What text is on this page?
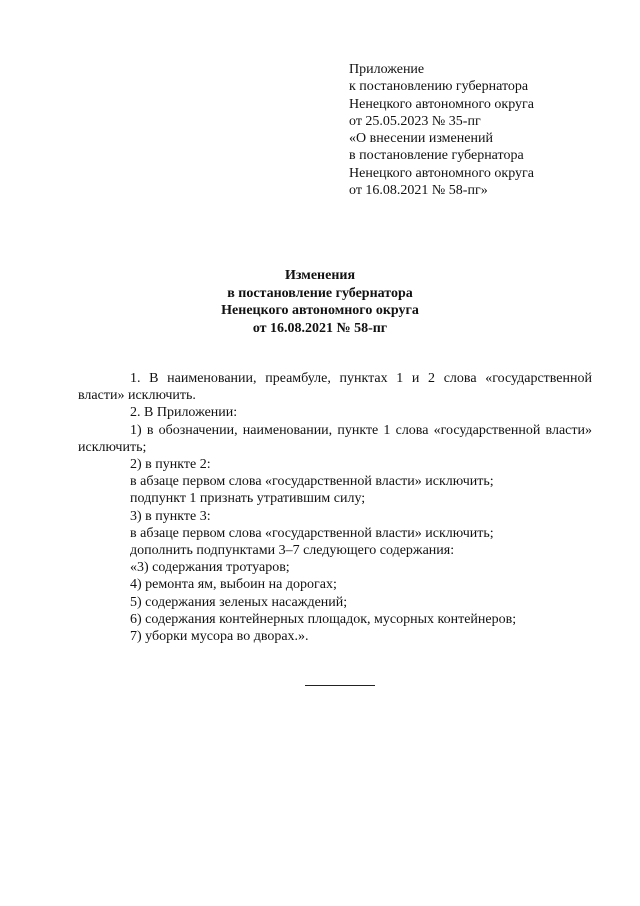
Приложение
к постановлению губернатора
Ненецкого автономного округа
от 25.05.2023 № 35-пг
«О внесении изменений
в постановление губернатора
Ненецкого автономного округа
от 16.08.2021 № 58-пг»
Изменения
в постановление губернатора
Ненецкого автономного округа
от 16.08.2021 № 58-пг

1. В наименовании, преамбуле, пунктах 1 и 2 слова «государственной власти» исключить.

2. В Приложении:

1) в обозначении, наименовании, пункте 1 слова «государственной власти» исключить;

2) в пункте 2:

в абзаце первом слова «государственной власти» исключить;

подпункт 1 признать утратившим силу;

3) в пункте 3:

в абзаце первом слова «государственной власти» исключить;

дополнить подпунктами 3–7 следующего содержания:

«3) содержания тротуаров;

4) ремонта ям, выбоин на дорогах;

5) содержания зеленых насаждений;

6) содержания контейнерных площадок, мусорных контейнеров;

7) уборки мусора во дворах.».
